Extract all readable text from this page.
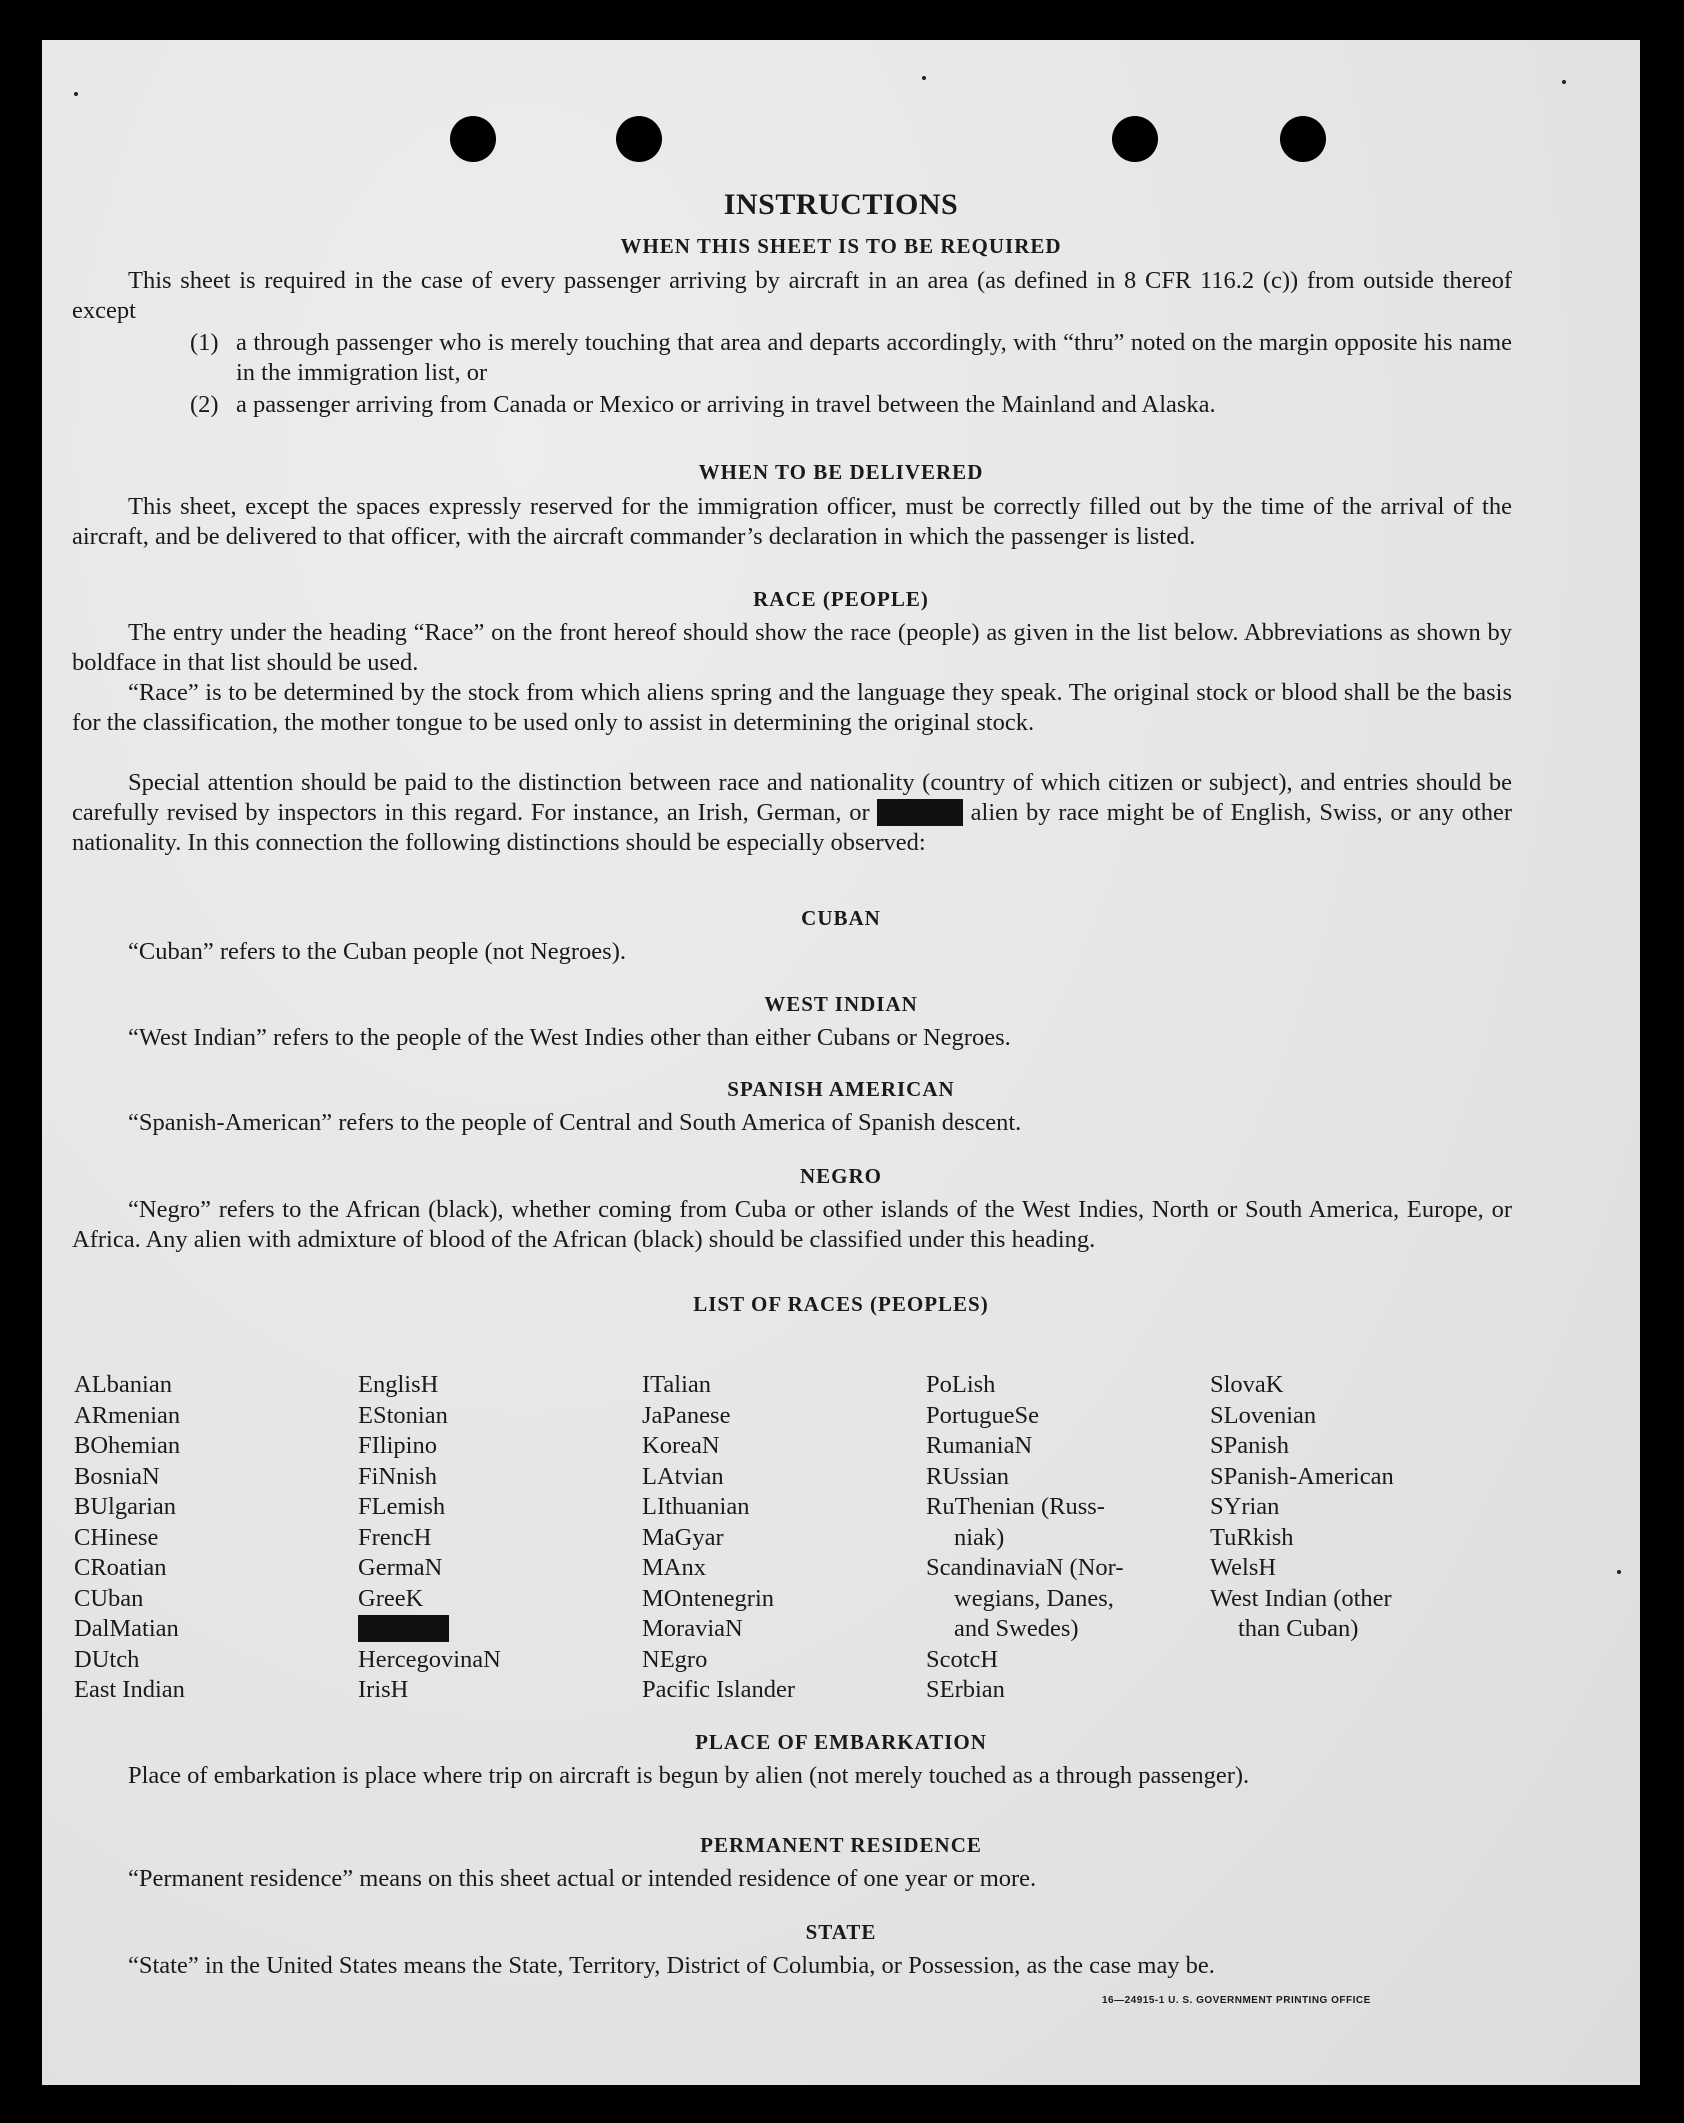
INSTRUCTIONS
WHEN THIS SHEET IS TO BE REQUIRED
This sheet is required in the case of every passenger arriving by aircraft in an area (as defined in 8 CFR 116.2 (c)) from outside thereof except
(1) a through passenger who is merely touching that area and departs accordingly, with “thru” noted on the margin opposite his name in the immigration list, or
(2) a passenger arriving from Canada or Mexico or arriving in travel between the Mainland and Alaska.
WHEN TO BE DELIVERED
This sheet, except the spaces expressly reserved for the immigration officer, must be correctly filled out by the time of the arrival of the aircraft, and be delivered to that officer, with the aircraft commander’s declaration in which the passenger is listed.
RACE (PEOPLE)
The entry under the heading “Race” on the front hereof should show the race (people) as given in the list below. Abbreviations as shown by boldface in that list should be used.
“Race” is to be determined by the stock from which aliens spring and the language they speak. The original stock or blood shall be the basis for the classification, the mother tongue to be used only to assist in determining the original stock.
Special attention should be paid to the distinction between race and nationality (country of which citizen or subject), and entries should be carefully revised by inspectors in this regard. For instance, an Irish, German, or Hebrew alien by race might be of English, Swiss, or any other nationality. In this connection the following distinctions should be especially observed:
CUBAN
“Cuban” refers to the Cuban people (not Negroes).
WEST INDIAN
“West Indian” refers to the people of the West Indies other than either Cubans or Negroes.
SPANISH AMERICAN
“Spanish-American” refers to the people of Central and South America of Spanish descent.
NEGRO
“Negro” refers to the African (black), whether coming from Cuba or other islands of the West Indies, North or South America, Europe, or Africa. Any alien with admixture of blood of the African (black) should be classified under this heading.
LIST OF RACES (PEOPLES)
ALbanian
ARmenian
BOhemian
BosniaN
BUlgarian
CHinese
CRoatian
CUban
DalMatian
DUtch
East Indian
EnglisH
EStonian
FIlipino
FiNnish
FLemish
FrencH
GermaN
GreeK
HebreW
HercegovinaN
IrisH
ITalian
JaPanese
KoreaN
LAtvian
LIthuanian
MaGyar
MAnx
MOntenegrin
MoraviaN
NEgro
Pacific Islander
PoLish
PortugueSe
RumaniaN
RUssian
RuThenian (Russ-
niak)
ScandinaviaN (Nor-
wegians, Danes,
and Swedes)
ScotcH
SErbian
SlovaK
SLovenian
SPanish
SPanish-American
SYrian
TuRkish
WelsH
West Indian (other
than Cuban)
PLACE OF EMBARKATION
Place of embarkation is place where trip on aircraft is begun by alien (not merely touched as a through passenger).
PERMANENT RESIDENCE
“Permanent residence” means on this sheet actual or intended residence of one year or more.
STATE
“State” in the United States means the State, Territory, District of Columbia, or Possession, as the case may be.
16—24915-1 U. S. GOVERNMENT PRINTING OFFICE
